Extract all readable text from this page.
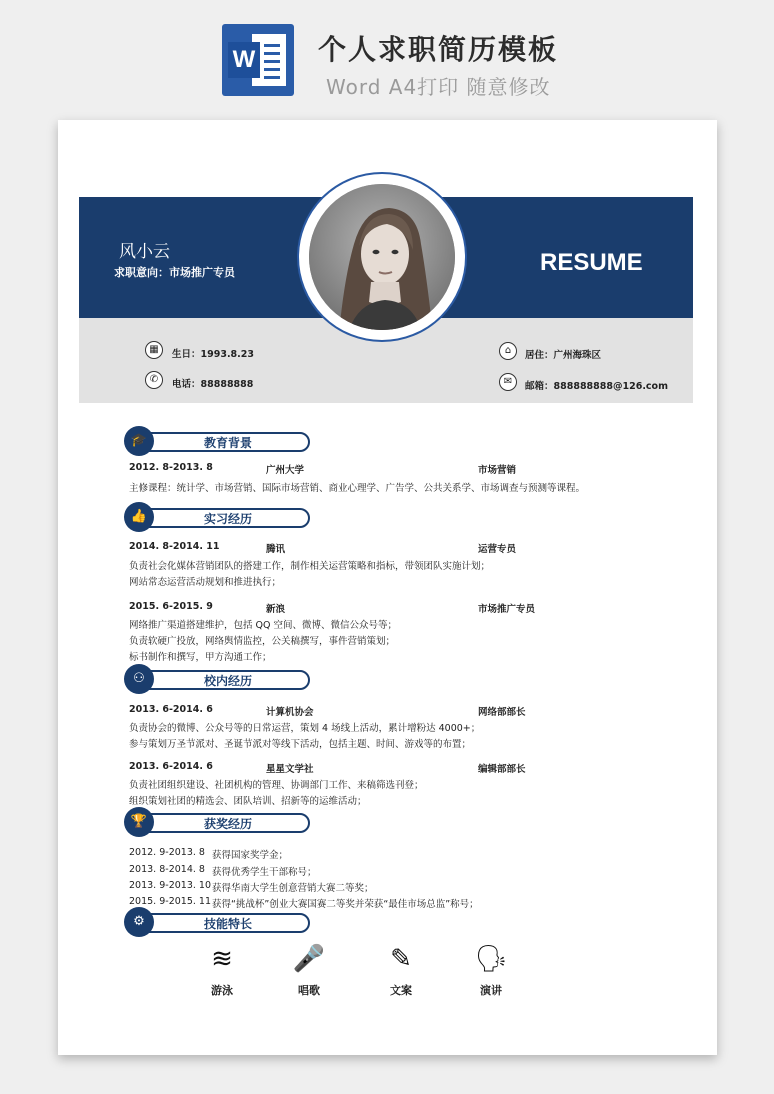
W 个人求职简历模板
Word A4打印 随意修改
风小云
求职意向：市场推广专员	RESUME
▦	生日：1993.8.23
✆	电话：88888888
⌂	居住：广州海珠区
✉	邮箱：888888888@126.com
🎓	教育背景
2012. 8-2013. 8	广州大学	市场营销
主修课程：统计学、市场营销、国际市场营销、商业心理学、广告学、公共关系学、市场调查与预测等课程。
👍	实习经历
2014. 8-2014. 11	腾讯	运营专员
负责社会化媒体营销团队的搭建工作，制作相关运营策略和指标，带领团队实施计划；
网站常态运营活动规划和推进执行；
2015. 6-2015. 9	新浪	市场推广专员
网络推广渠道搭建维护，包括 QQ 空间、微博、微信公众号等；
负责软硬广投放，网络舆情监控，公关稿撰写，事件营销策划；
标书制作和撰写，甲方沟通工作；
⚇	校内经历
2013. 6-2014. 6	计算机协会	网络部部长
负责协会的微博、公众号等的日常运营，策划 4 场线上活动，累计增粉达 4000+；
参与策划万圣节派对、圣诞节派对等线下活动，包括主题、时间、游戏等的布置；
2013. 6-2014. 6	星星文学社	编辑部部长
负责社团组织建设、社团机构的管理、协调部门工作、来稿筛选刊登；
组织策划社团的精选会、团队培训、招新等的运维活动；
🏆	获奖经历
2012. 9-2013. 8 获得国家奖学金；
2013. 8-2014. 8 获得优秀学生干部称号；
2013. 9-2013. 10 获得华南大学生创意营销大赛二等奖；
2015. 9-2015. 11 获得“挑战杯”创业大赛国赛二等奖并荣获“最佳市场总监”称号；
⚙	技能特长
≋
游泳
🎤
唱歌
✎
文案
🗣
演讲
